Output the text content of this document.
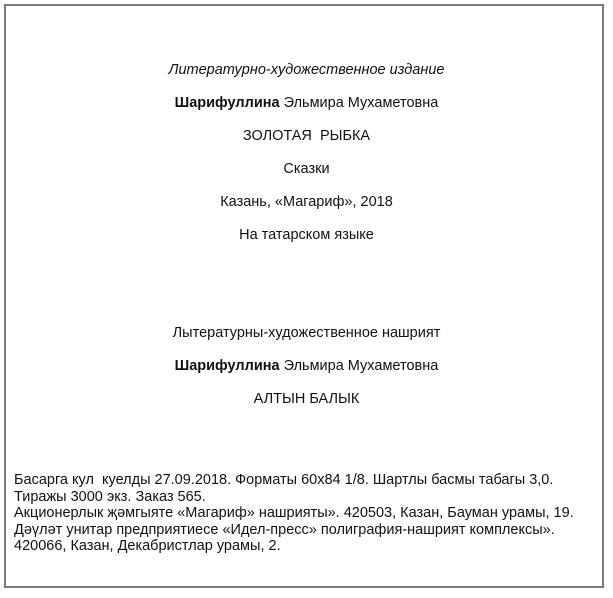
Литературно-художественное издание
Шарифуллина Эльмира Мухаметовна
ЗОЛОТАЯ  РЫБКА
Сказки
Казань, «Магариф», 2018
На татарском языке
Лытературны-художественное нашрият
Шарифуллина Эльмира Мухаметовна
АЛТЫН БАЛЫК
Басарга кул  куелды 27.09.2018. Форматы 60х84 1/8. Шартлы басмы табагы 3,0.
Тиражы 3000 экз. Заказ 565.
Акционерлык җәмгыяте «Магариф» нашрияты». 420503, Казан, Бауман урамы, 19.
Дәүләт унитар предприятиесе «Идел-пресс» полиграфия-нашрият комплексы».
420066, Казан, Декабристлар урамы, 2.
